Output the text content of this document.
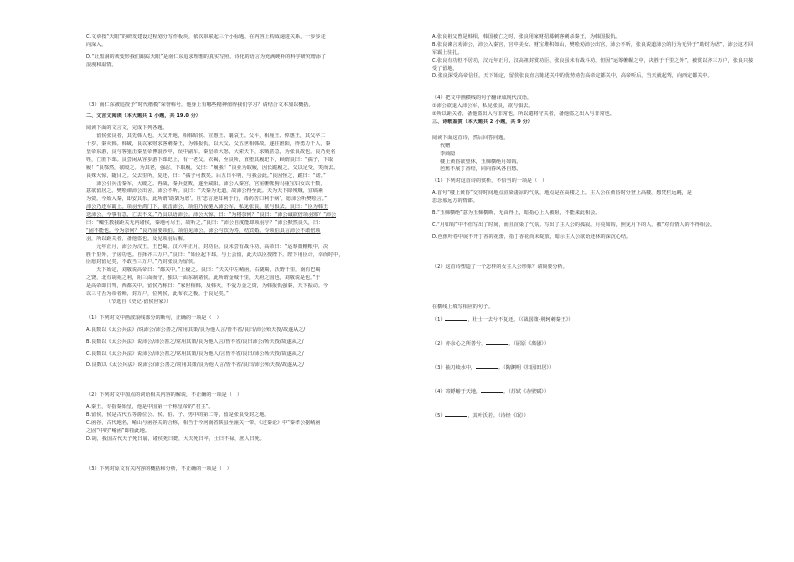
C.文章按“天眼”的研发建设过程划分写作板块，依次串联起三个小标题，在内容上构成递进关系，一步步走

向深入。

D.“让黑洞的欢变形我们跟踪天眼”是南仁东追求理想的真实写照，诗化的语言为充满硬朴的科学研究增添了

浪漫和温情。

（3）南仁东被追授予“时代楷模”荣誉称号，他身上有哪些精神值得我们学习？请结合文本加以概括。

二、文言文阅读（本大题共 1 小题，共 19.0 分）

阅读下面的文言文，完成下列各题。

　　留侯张良者，其先韩人也。大父开地，相韩昭侯、宣惠王、襄哀王。父平，相厘王、悼惠王，其父卒二

十岁，秦灭韩。韩破，良以家财求客刺秦王，为韩报仇，以大父、父五世相韩故。遂往淮阳，得勇力千人，秦

皇帝东游，良与客狙击秦皇帝博浪沙中，误中副车。秦皇帝大怒，大索天下，求贼甚急，为张良故也。良乃更名

姓，亡匿下邳。良尝闲从容步游下邳圯上，有一老父，衣褐，至良所，直堕其履圯下，顾谓良曰：“孺子，下取

履！”良鄂然，欲殴之。为其老，强忍，下取履。父曰：“履我！”良业为取履，因长跪履之。父以足受，笑而去。

良殊大惊，随目之。父去里所，复还，曰：“孺子可教矣。后五日平明，与我会此。”良因怪之，跪曰：“诺。”

　　沛公引兵击秦军，大破之。再战，秦兵竟败，遂至咸阳。沛公入秦宫，宫室帷帐狗马重宝妇女以千数，

意欲留居之。樊哙谏沛公出舍，沛公不听。良曰：“夫秦为无道，故沛公得至此。夫为天下除残贼，宜缟素

为资。今始入秦，即安其乐，此所谓‘助桀为虐’。且‘忠言逆耳利于行，毒药苦口利于病’，愿沛公听樊哙言。”

沛公乃还军霸上。项羽至鸿门下，欲击沛公，项伯乃夜驰入沛公军，私见张良，欲与俱去。良曰：“臣为韩王

送沛公，今事有急，亡去不义。”乃具以语沛公。沛公大惊，曰：“为将奈何？”良曰：“沛公诚欲倍项羽邪？”沛公

曰：“鲰生教我距关无内诸侯，秦地可尽王，故听之。”良曰：“沛公自度能却项羽乎？”沛公默然良久，曰：

“固不能也。今为奈何？”良乃固要项伯。项伯见沛公。沛公与饮为寿，结宾婚。令项伯具言沛公不敢倍项

羽，所以距关者，备他盗也。及见项羽后解。

　　元年正月，沛公为汉王，王巴蜀。汉六年正月，封功臣。良未尝有战斗功，高帝曰：“运筹策帷帐中，决

胜千里外，子房功也。自择齐三万户。”良曰：“始臣起下邳，与上会留，此天以臣授陛下。陛下用臣计，幸而时中，

臣愿封留足矣，不敢当三万户。”乃封张良为留侯。

　　天下始定，刘敬说高帝曰：“都关中。”上疑之。良曰：“夫关中左崤函，右陇蜀，沃野千里，南有巴蜀

之饶，北有胡苑之利，阻三面而守，独以一面东制诸侯。此所谓金城千里，天府之国也，刘敬说是也。”于

是高帝即日驾，西都关中。留侯乃称曰：“家世相韩，及韩灭，不爱万金之资，为韩报仇强秦，天下振动。今

以三寸舌为帝者师，封万户，位列侯，此布衣之极，于良足矣。”

（节选自《史记·留侯世家》）

（1）下列对文中画波浪线部分的断句，正确的一项是（　）

A.良数以《太公兵法》/说沛公/沛公善之/常用其策/良为他人言/皆不省/良曰/沛公殆天授/故遂从之/

B.良数以《太公兵法》说沛公/沛公善之/常用其策/良为他人言/皆不省/良曰沛公/殆天授/故遂从之/

C.良数以《太公兵法》说沛公/沛公善之/常用其策/良为他人/言皆不省/良曰/沛公殆天授/故遂从之/

D.良数以《太公兵法》说沛公/沛公善之/常用其策/良为他人言/皆不省/良曰/沛公殆天授/故遂从之/

（2）下列对文中加点的词语相关内容的解说，不正确的一项是（　）

A.秦王，专指秦始皇，他是中国第一个称皇帝的“君主”。

B.留侯，侯是古代五等爵位公、侯、伯、子、男中的第二等，留是张良受封之地。

C.函谷，古代地名，崤山与函谷关的合称，相当于今河南省陕县至潼关一带，《过秦论》中“秦孝公据崤函

之固”中的“崤函”即指此地。

D.胡，我国古代天子死曰崩，诸侯死曰薨，大夫死曰卒，士曰不禄，庶人曰死。

（3）下列对原文有关内容的概括和分析，不正确的一项是（　）

A.张良祖父曾是韩相，韩国被亡之时，张良用家财招募刺客刺杀秦王，为韩国报仇。

B.张良谏言劝沛公，沛公入秦宫，宫中美女、财宝堆积如山，樊哙劝沛公出宫，沛公不听，张良说道沛公的行为无异于“助纣为虐”，沛公这才回军霸上驻扎。

C.张良有功但不居功，汉元年正月，汉高祖封赏功臣，张良虽未有战斗功，但因“运筹帷幄之中，决胜于千里之外”，被赏以齐三万户，张良只接受了留地。

D.张良深受高帝信任，天下始定，留侯张良直言陈述关中的优势劝告高帝定都关中，高帝听后，当天就起驾，向西定都关中。

（4）把文中画横线的句子翻译成现代汉语。

①沛公欲退入沛公军，私见张良，欲与俱去。

②所以距关者，备他盗出入与非常也，所以遣将守关者，备他盗之出入与非常也。

三、诗歌鉴赏（本大题共 2 小题，共 9 分）

阅读下面这首诗，然后回答问题。

代赠

李商隐

楼上黄昏欲望休，玉梯横绝月如钩。

芭蕉不展丁香结，同向春风各自愁。

（1）下列对这首诗的赏析，不恰当的一项是（　）

A.首句“楼上黄昏”交待时间地点渲染凄凉的气氛，地点是在高楼之上。主人公在黄昏时分登上高楼，想凭栏远眺，是

思念那远方的情郎。

B.“玉梯横绝”意为玉梯横断，无由得上，暗指心上人被阻，不能来此相会。

C.“月如钩”中不但写出了时间，而且渲染了气氛，写出了主人公的孤寂。月亮如钩，照见月下的人，被“对有情人的不得相会。

D.芭蕉叶卷中展不开丁香的花蕾，指丁香花尚未绽放，暗示主人公欲语还休的深沉心结。

（2）这首诗塑造了一个怎样的女主人公形象？请简要分析。

在横线上填写相应的句子。

（1）	，壮士一去兮不复还。（《战国策·荆轲刺秦王》）

（2）亦余心之所善兮，	。（屈原《离骚》）

（3）抽刀续水中，	。（陶渊明《归园田居》）

（4）寄蜉蝣于天地，	。（苏轼《赤壁赋》）

（5）	，其叶沃若。（诗经《氓》）
